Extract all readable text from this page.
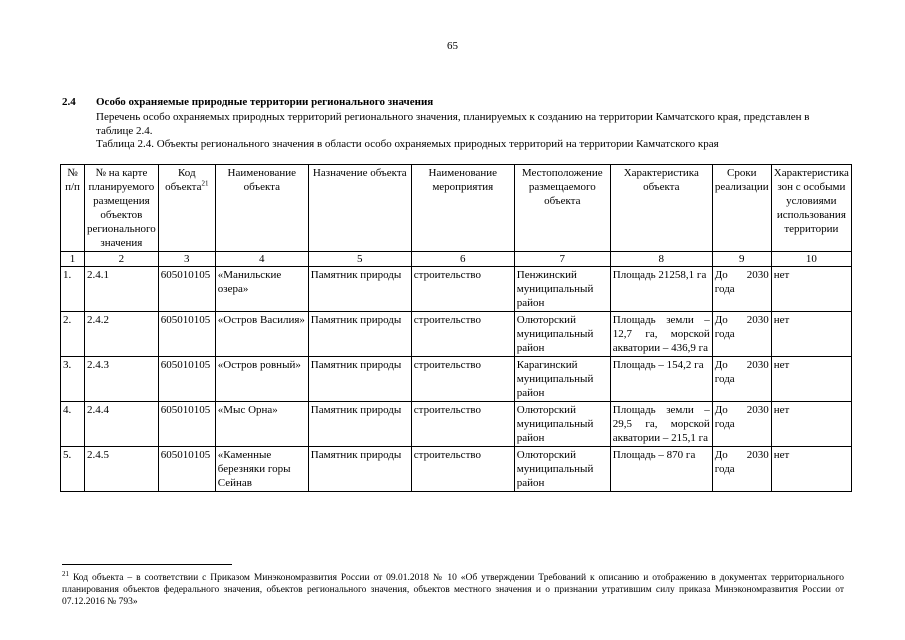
65
2.4 Особо охраняемые природные территории регионального значения
Перечень особо охраняемых природных территорий регионального значения, планируемых к созданию на территории Камчатского края, представлен в таблице 2.4.
Таблица 2.4. Объекты регионального значения в области особо охраняемых природных территорий на территории Камчатского края
№ п/п	№ на карте планируемого размещения объектов регионального значения	Код объекта$^{21}$	Наименование объекта	Назначение объекта	Наименование мероприятия	Местоположение размещаемого объекта	Характеристика объекта	Сроки реализации	Характеристика зон с особыми условиями использования территории
1	2	3	4	5	6	7	8	9	10
1.	2.4.1	605010105	«Манильские озера»	Памятник природы	строительство	Пенжинский муниципальный район	Площадь 21258,1 га	До 2030 года	нет
2.	2.4.2	605010105	«Остров Василия»	Памятник природы	строительство	Олюторский муниципальный район	Площадь земли – 12,7 га, морской акватории – 436,9 га	До 2030 года	нет
3.	2.4.3	605010105	«Остров ровный»	Памятник природы	строительство	Карагинский муниципальный район	Площадь – 154,2 га	До 2030 года	нет
4.	2.4.4	605010105	«Мыс Орна»	Памятник природы	строительство	Олюторский муниципальный район	Площадь земли – 29,5 га, морской акватории – 215,1 га	До 2030 года	нет
5.	2.4.5	605010105	«Каменные березняки горы Сейнав	Памятник природы	строительство	Олюторский муниципальный район	Площадь – 870 га	До 2030 года	нет
$^{21}$ Код объекта – в соответствии с Приказом Минэкономразвития России от 09.01.2018 № 10 «Об утверждении Требований к описанию и отображению в документах территориального планирования объектов федерального значения, объектов регионального значения, объектов местного значения и о признании утратившим силу приказа Минэкономразвития России от 07.12.2016 № 793»
